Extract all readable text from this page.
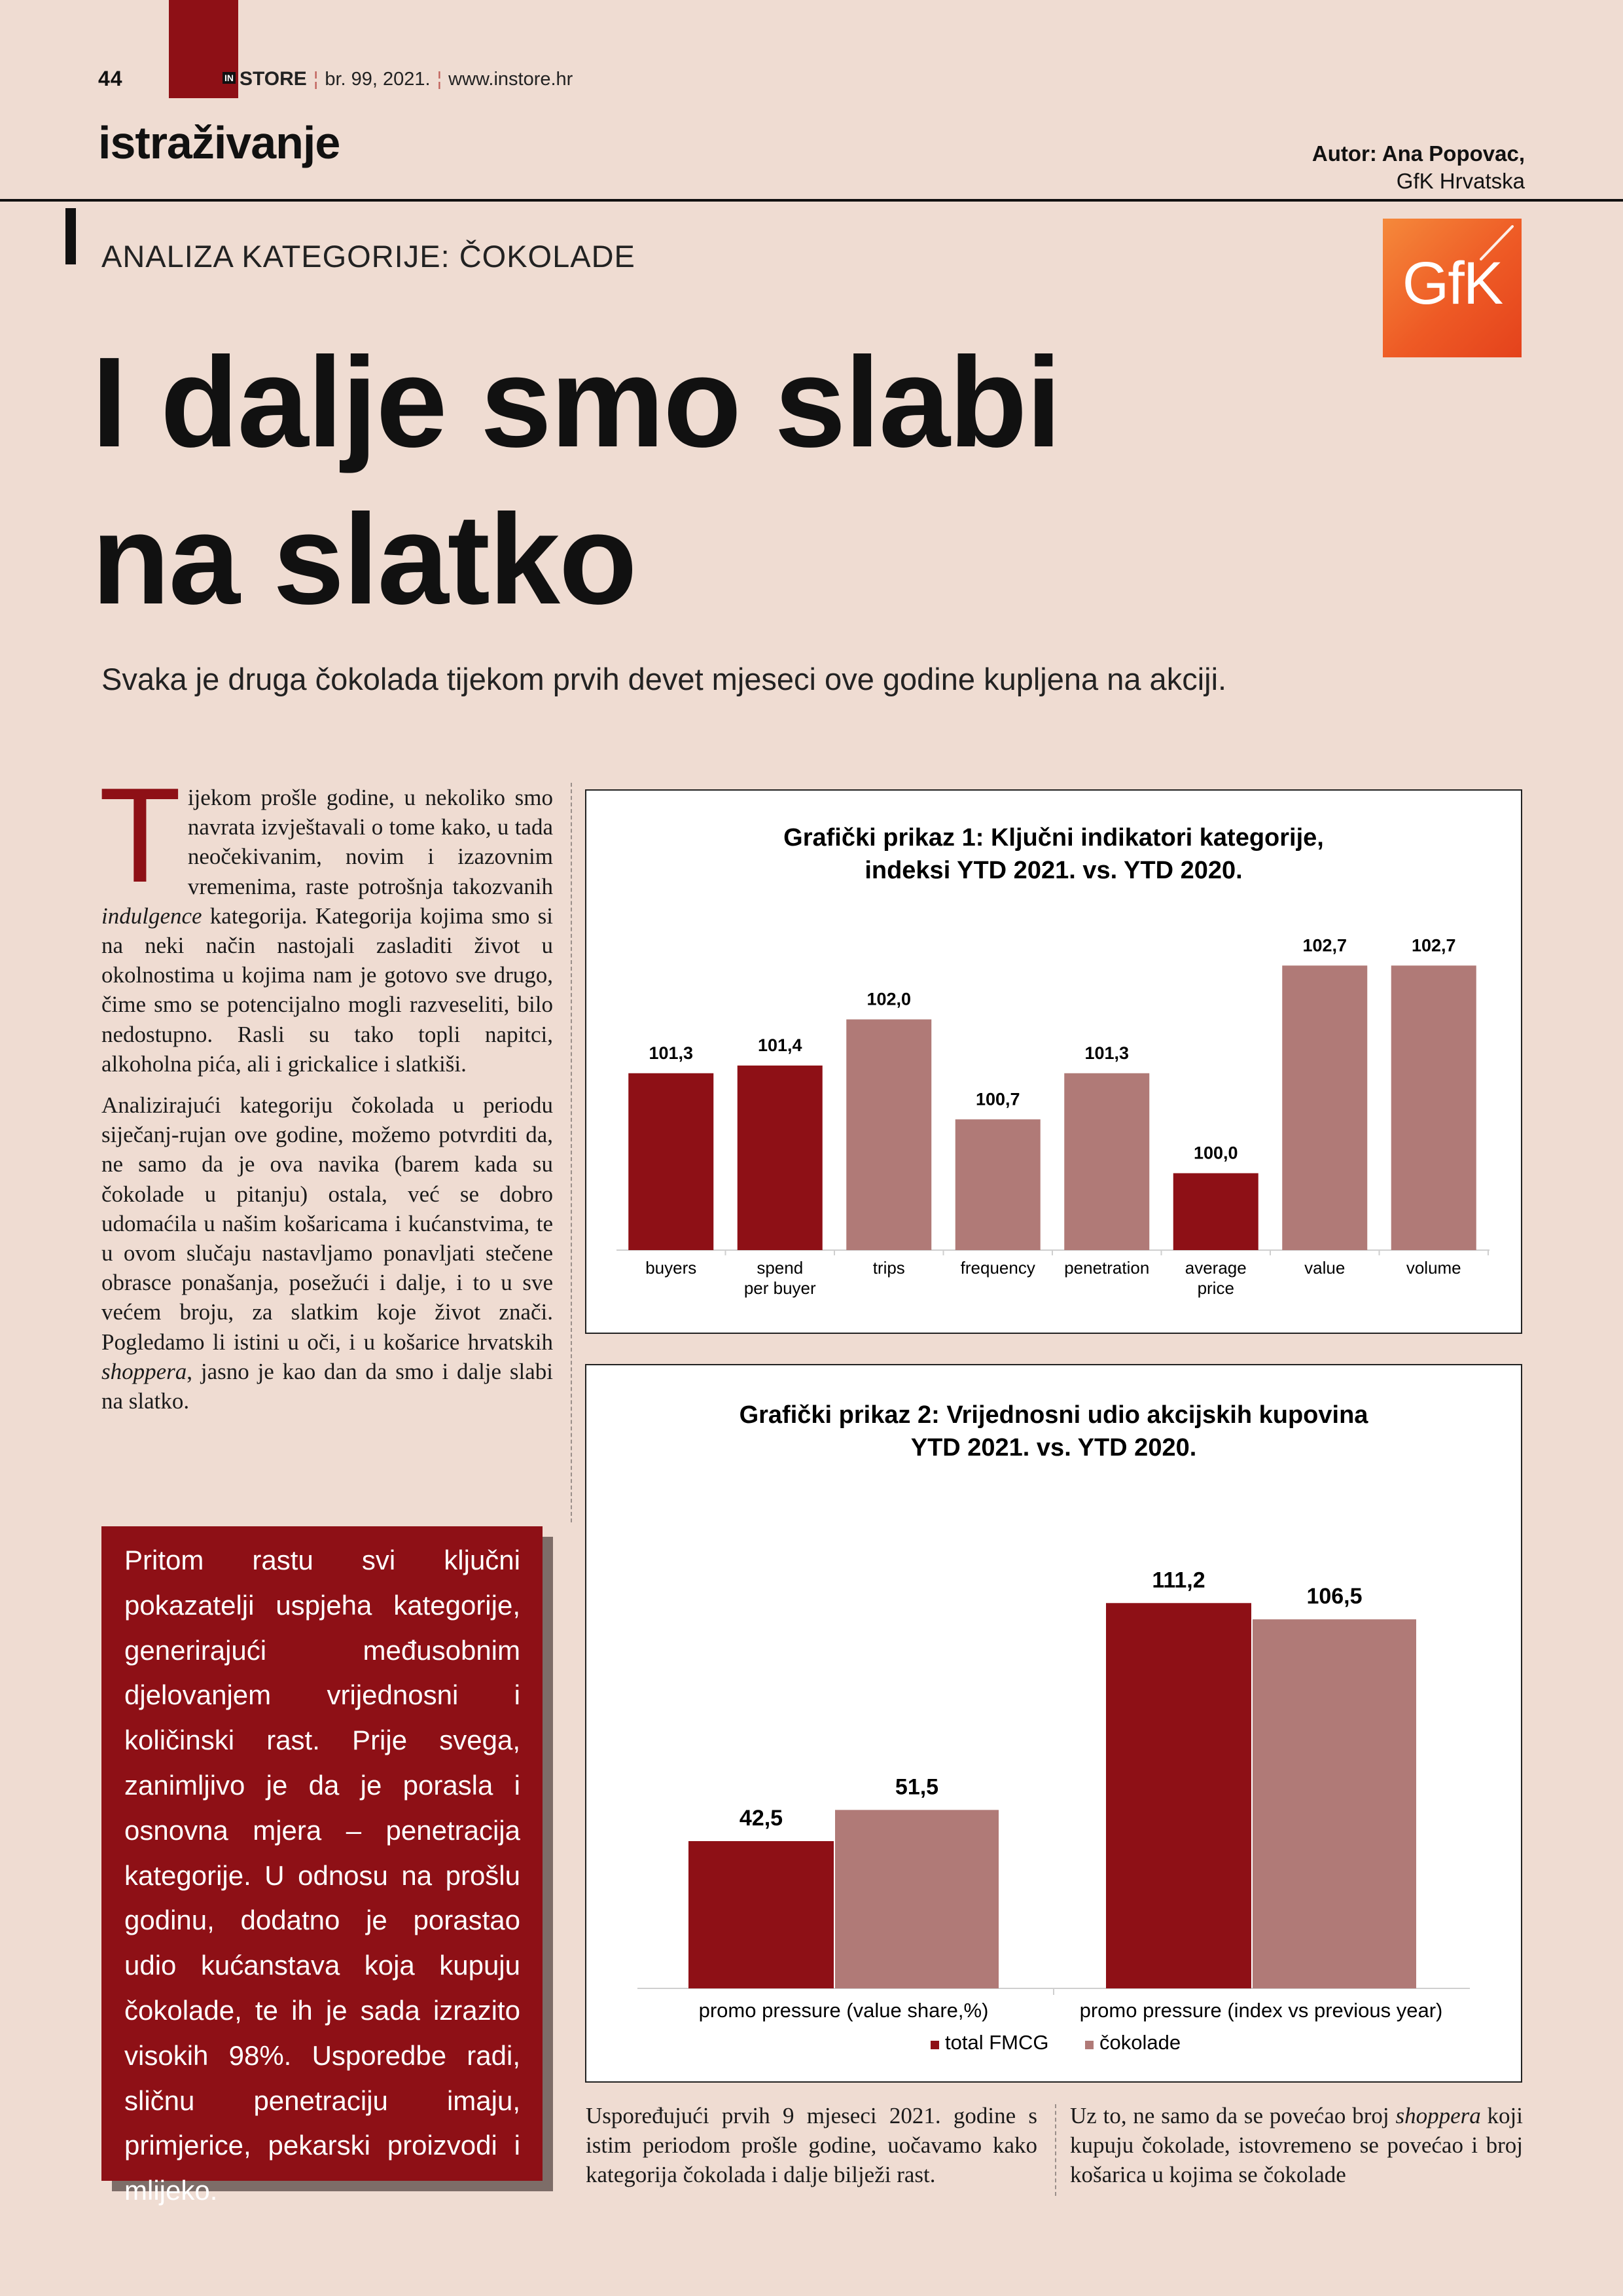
44	$^{IN}$ STORE ¦ br. 99, 2021. ¦ www.instore.hr
istraživanje	Autor: Ana Popovac,
GfK Hrvatska
ANALIZA KATEGORIJE: ČOKOLADE	GfK
I dalje smo slabi
na slatko
Svaka je druga čokolada tijekom prvih devet mjeseci ove godine kupljena na akciji.

Tijekom prošle godine, u nekoliko smo navrata izvještavali o tome kako, u tada neočekivanim, novim i izazovnim vremenima, raste potrošnja takozvanih indulgence kategorija. Kategorija kojima smo si na neki način nastojali zasladiti život u okolnostima u kojima nam je gotovo sve drugo, čime smo se potencijalno mogli razveseliti, bilo nedostupno. Rasli su tako topli napitci, alkoholna pića, ali i grickalice i slatkiši.

Analizirajući kategoriju čokolada u periodu siječanj-rujan ove godine, možemo potvrditi da, ne samo da je ova navika (barem kada su čokolade u pitanju) ostala, već se dobro udomaćila u našim košaricama i kućanstvima, te u ovom slučaju nastavljamo ponavljati stečene obrasce ponašanja, posežući i dalje, i to u sve većem broju, za slatkim koje život znači. Pogledamo li istini u oči, i u košarice hrvatskih shoppera, jasno je kao dan da smo i dalje slabi na slatko.

Pritom rastu svi ključni pokazatelji uspjeha kategorije, generirajući međusobnim djelovanjem vrijednosni i količinski rast. Prije svega, zanimljivo je da je porasla i osnovna mjera – penetracija kategorije. U odnosu na prošlu godinu, dodatno je porastao udio kućanstava koja kupuju čokolade, te ih je sada izrazito visokih 98%. Usporedbe radi, sličnu penetraciju imaju, primjerice, pekarski proizvodi i mlijeko.
Grafički prikaz 1: Ključni indikatori kategorije,
indeksi YTD 2021. vs. YTD 2020.
101,3
buyers
101,4
spend per buyer
102,0
trips
100,7
frequency
101,3
penetration
100,0
average price
102,7
value
102,7
volume
Grafički prikaz 2: Vrijednosni udio akcijskih kupovina
YTD 2021. vs. YTD 2020.
42,5
51,5
promo pressure (value share,%)
111,2
106,5
promo pressure (index vs previous year)
total FMCG	čokolade
Uspoređujući prvih 9 mjeseci 2021. godine s istim periodom prošle godine, uočavamo kako kategorija čokolada i dalje bilježi rast.
Uz to, ne samo da se povećao broj shoppera koji kupuju čokolade, istovremeno se povećao i broj košarica u kojima se čokolade
